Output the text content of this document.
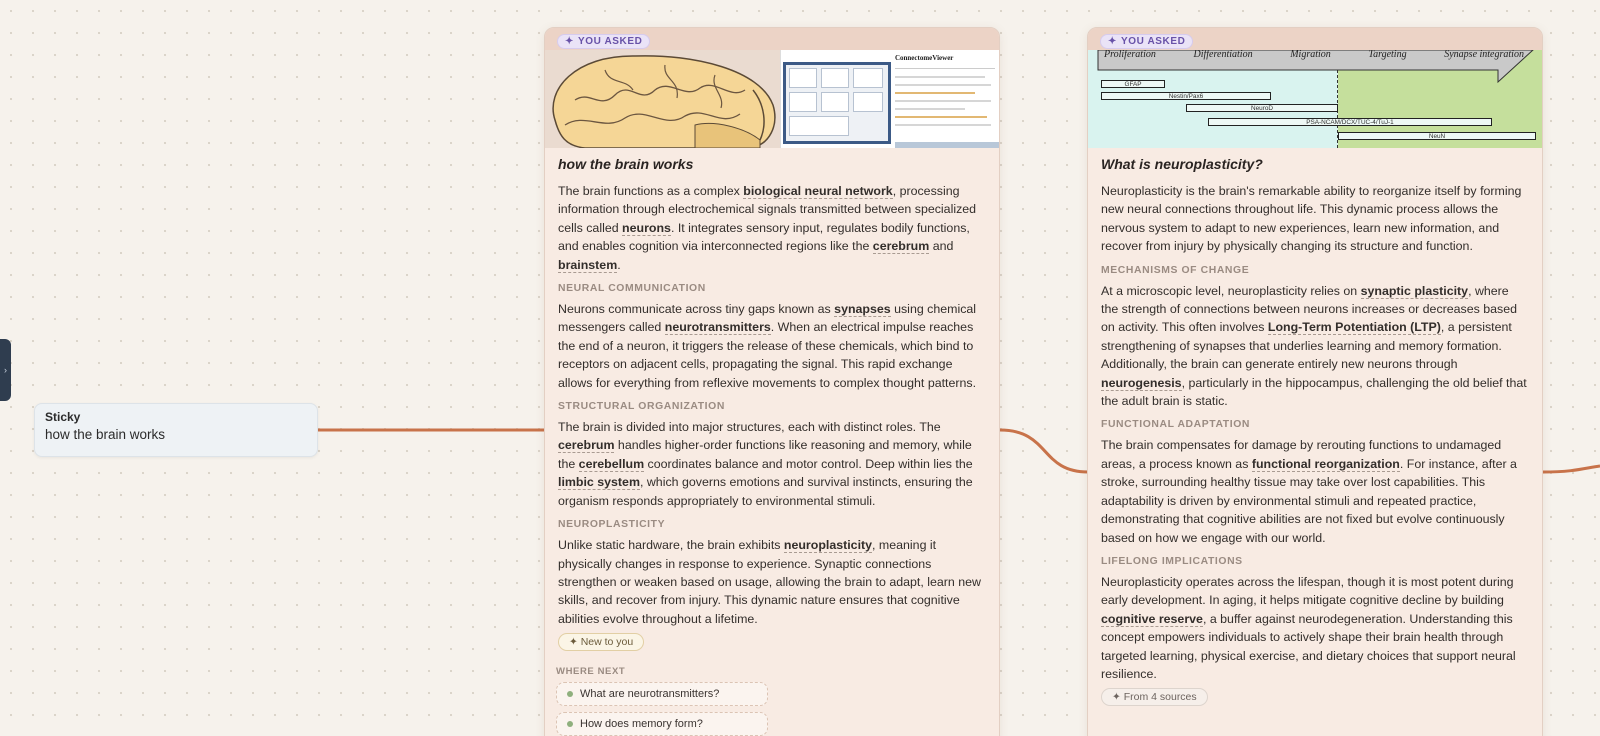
›
Sticky
how the brain works
✦ YOU ASKED
ConnectomeViewer
how the brain works
The brain functions as a complex biological neural network, processing information through electrochemical signals transmitted between specialized cells called neurons. It integrates sensory input, regulates bodily functions, and enables cognition via interconnected regions like the cerebrum and brainstem.
NEURAL COMMUNICATION
Neurons communicate across tiny gaps known as synapses using chemical messengers called neurotransmitters. When an electrical impulse reaches the end of a neuron, it triggers the release of these chemicals, which bind to receptors on adjacent cells, propagating the signal. This rapid exchange allows for everything from reflexive movements to complex thought patterns.
STRUCTURAL ORGANIZATION
The brain is divided into major structures, each with distinct roles. The cerebrum handles higher-order functions like reasoning and memory, while the cerebellum coordinates balance and motor control. Deep within lies the limbic system, which governs emotions and survival instincts, ensuring the organism responds appropriately to environmental stimuli.
NEUROPLASTICITY
Unlike static hardware, the brain exhibits neuroplasticity, meaning it physically changes in response to experience. Synaptic connections strengthen or weaken based on usage, allowing the brain to adapt, learn new skills, and recover from injury. This dynamic nature ensures that cognitive abilities evolve throughout a lifetime.
✦ New to you
WHERE NEXT
What are neurotransmitters?
How does memory form?
✦ YOU ASKED
Proliferation	Differentiation	Migration	Targeting	Synapse integration
GFAP
Nestin/Pax6
NeuroD
PSA-NCAM/DCX/TUC-4/TuJ-1
NeuN
What is neuroplasticity?
Neuroplasticity is the brain's remarkable ability to reorganize itself by forming new neural connections throughout life. This dynamic process allows the nervous system to adapt to new experiences, learn new information, and recover from injury by physically changing its structure and function.
MECHANISMS OF CHANGE
At a microscopic level, neuroplasticity relies on synaptic plasticity, where the strength of connections between neurons increases or decreases based on activity. This often involves Long-Term Potentiation (LTP), a persistent strengthening of synapses that underlies learning and memory formation. Additionally, the brain can generate entirely new neurons through neurogenesis, particularly in the hippocampus, challenging the old belief that the adult brain is static.
FUNCTIONAL ADAPTATION
The brain compensates for damage by rerouting functions to undamaged areas, a process known as functional reorganization. For instance, after a stroke, surrounding healthy tissue may take over lost capabilities. This adaptability is driven by environmental stimuli and repeated practice, demonstrating that cognitive abilities are not fixed but evolve continuously based on how we engage with our world.
LIFELONG IMPLICATIONS
Neuroplasticity operates across the lifespan, though it is most potent during early development. In aging, it helps mitigate cognitive decline by building cognitive reserve, a buffer against neurodegeneration. Understanding this concept empowers individuals to actively shape their brain health through targeted learning, physical exercise, and dietary choices that support neural resilience.
✦ From 4 sources
